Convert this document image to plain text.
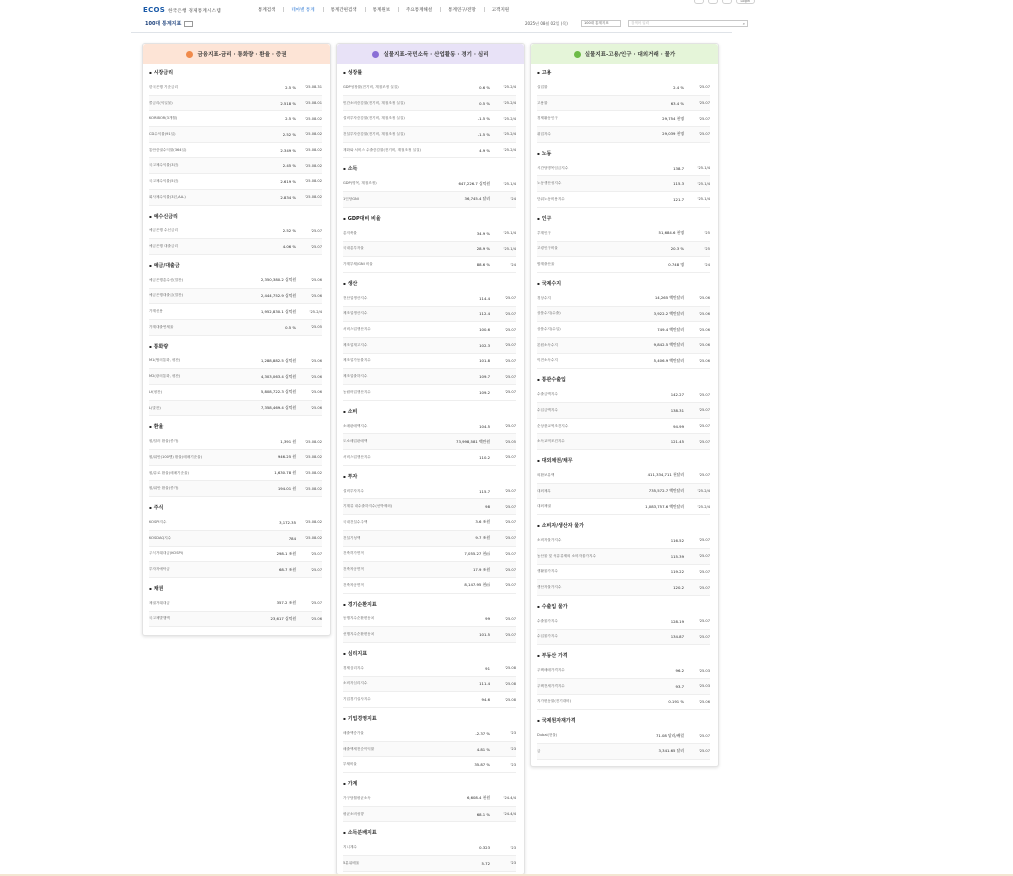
ECOS 한국은행 경제통계시스템	통계검색	테마별 통계	통계간편검색	통계원보	주요통계해설	통계연구/전망	고객지원
Login
100대 통계지표	2025년 08월 02일 (목)	100대 통계지표	검색어 입력	⌕
금융지표-금리 · 통화량 · 환율 · 증권
▪ 시장금리
한국은행 기준금리	2.5 %	'25.08.31
콜금리(익일물)	2.518 %	'25.08.01
KORIBOR(3개월)	2.5 %	'25.08.02
CD수익률(91일)	2.52 %	'25.08.02
통안증권수익률(364일)	2.349 %	'25.08.02
국고채수익률(3년)	2.45 %	'25.08.02
국고채수익률(5년)	2.619 %	'25.08.02
회사채수익률(3년,AA-)	2.834 %	'25.08.02
▪ 예수신금리
예금은행 수신금리	2.52 %	'25.07
예금은행 대출금리	4.06 %	'25.07
▪ 예금/대출금
예금은행총수신(말잔)	2,350,380.2 십억원	'25.06
예금은행대출금(말잔)	2,444,752.9 십억원	'25.06
가계신용	1,952,830.1 십억원	'25.2/4
가계대출연체율	0.5 %	'25.05
▪ 통화량
M1(협의통화, 평잔)	1,288,882.5 십억원	'25.06
M2(광의통화, 평잔)	4,303,063.4 십억원	'25.06
Lf(평잔)	5,808,722.3 십억원	'25.06
L(말잔)	7,358,469.4 십억원	'25.06
▪ 환율
원/달러 환율(종가)	1,391 원	'25.08.02
원/위안(100엔) 환율(매매기준율)	946.25 원	'25.08.02
원/유로 환율(매매기준율)	1,630.78 원	'25.08.02
원/위안 환율(종가)	194.01 원	'25.08.02
▪ 주식
KOSPI지수	3,172.35	'25.08.02
KOSDAQ지수	784	'25.08.02
주식거래대금(KOSPI)	298.1 조원	'25.07
투자자예탁금	68.7 조원	'25.07
▪ 채권
채권거래대금	357.2 조원	'25.07
국고채발행액	23,617 십억원	'25.06
실물지표-국민소득 · 산업활동 · 경기 · 심리
▪ 성장률
GDP성장률(전기비, 계절조정 실질)	0.6 %	'25.2/4
민간소비증감률(전기비, 계절조정 실질)	0.5 %	'25.2/4
설비투자증감률(전기비, 계절조정 실질)	-1.5 %	'25.2/4
건설투자증감률(전기비, 계절조정 실질)	-1.5 %	'25.2/4
재화와 서비스 수출증감률(전기비, 계절조정 실질)	4.9 %	'25.2/4
▪ 소득
GDP(명목, 계절조정)	647,226.7 십억원	'25.1/4
1인당GNI	36,745.4 달러	'24
▪ GDP대비 비율
총저축률	34.9 %	'25.1/4
국내총투자율	28.9 %	'25.1/4
가계부채/GNI 비율	88.6 %	'24
▪ 생산
전산업생산지수	114.4	'25.07
제조업생산지수	112.4	'25.07
서비스업생산지수	100.6	'25.07
제조업재고지수	102.3	'25.07
제조업가동률지수	101.8	'25.07
제조업출하지수	109.7	'25.07
농림어업생산지수	109.2	'25.07
▪ 소비
소매판매액지수	104.5	'25.07
도소매업판매액	73,998,581 백만원	'25.05
서비스업생산지수	110.2	'25.07
▪ 투자
설비투자지수	115.7	'25.07
기계류 내수출하지수(선박제외)	98	'25.07
국내건설수주액	3.6 조원	'25.07
건설기성액	9.7 조원	'25.07
건축허가면적	7,055.27 천㎡	'25.07
건축착공면적	17.9 조원	'25.07
건축착공면적	8,147.95 천㎡	'25.07
▪ 경기순환지표
동행지수순환변동치	99	'25.07
선행지수순환변동치	101.5	'25.07
▪ 심리지표
경제심리지수	91	'25.08
소비자심리지수	111.4	'25.08
기업경기실사지수	94.6	'25.08
▪ 기업경영지표
매출액증가율	-2.37 %	'23
매출액세전순이익률	4.81 %	'23
부채비율	35.87 %	'23
▪ 가계
가구당월평균소득	6,608.4 천원	'24.4/4
평균소비성향	68.1 %	'24.4/4
▪ 소득분배지표
지니계수	0.323	'23
5분위배율	5.72	'23
실물지표-고용/인구 · 대외거래 · 물가
▪ 고용
실업률	2.4 %	'25.07
고용률	63.4 %	'25.07
경제활동인구	29,754 천명	'25.07
취업자수	29,039 천명	'25.07
▪ 노동
시간당명목임금지수	138.7	'25.1/4
노동생산성지수	115.3	'25.1/4
단위노동비용지수	121.7	'25.1/4
▪ 인구
추계인구	51,684.6 천명	'25
고령인구비율	20.3 %	'25
합계출산율	0.748 명	'24
▪ 국제수지
경상수지	14,265 백만달러	'25.06
상품수지(수출)	3,922.2 백만달러	'25.06
상품수지(수입)	749.4 백만달러	'25.06
본원소득수지	9,842.5 백만달러	'25.06
이전소득수지	5,406.9 백만달러	'25.06
▪ 통관수출입
수출금액지수	142.27	'25.07
수입금액지수	138.31	'25.07
순상품교역조건지수	94.99	'25.07
소득교역조건지수	121.45	'25.07
▪ 대외채권/채무
외환보유액	411,334,711 천달러	'25.07
대외채무	735,572.7 백만달러	'25.2/4
대외채권	1,083,757.6 백만달러	'25.2/4
▪ 소비자/생산자 물가
소비자물가지수	116.52	'25.07
농산물 및 석유류제외 소비자물가지수	115.39	'25.07
생활물가지수	119.22	'25.07
생산자물가지수	120.2	'25.07
▪ 수출입 물가
수출물가지수	128.19	'25.07
수입물가지수	134.87	'25.07
▪ 부동산 가격
주택매매가격지수	96.2	'25.03
주택전세가격지수	93.7	'25.03
지가변동률(전기대비)	0.191 %	'25.06
▪ 국제원자재가격
Dubai(현물)	71.08 달러/배럴	'25.07
금	3,341.65 달러	'25.07
